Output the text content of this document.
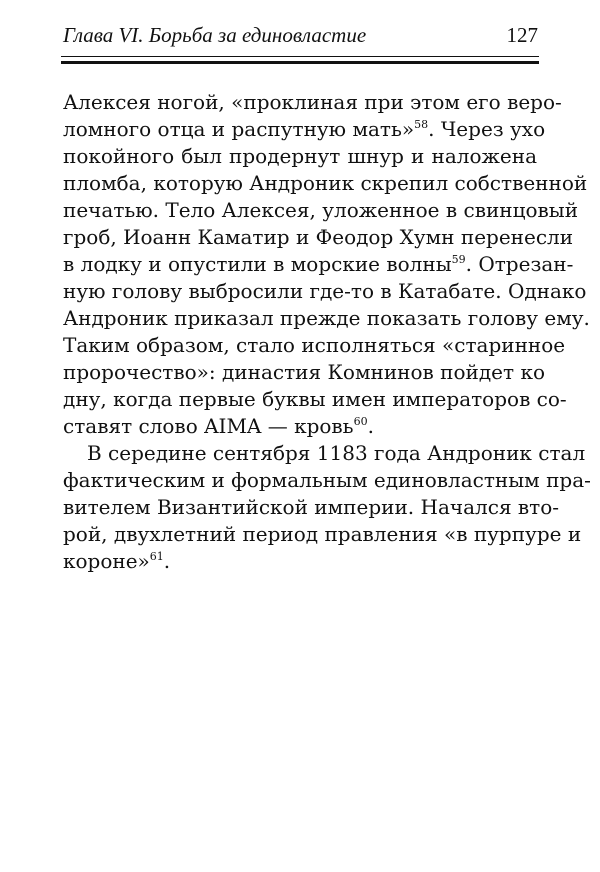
Глава VI. Борьба за единовластие	127
Алексея ногой, «проклиная при этом его веро-
ломного отца и распутную мать»$^{58}$. Через ухо
покойного был продернут шнур и наложена
пломба, которую Андроник скрепил собственной
печатью. Тело Алексея, уложенное в свинцовый
гроб, Иоанн Каматир и Феодор Хумн перенесли
в лодку и опустили в морские волны$^{59}$. Отрезан-
ную голову выбросили где-то в Катабате. Однако
Андроник приказал прежде показать голову ему.
Таким образом, стало исполняться «старинное
пророчество»: династия Комнинов пойдет ко
дну, когда первые буквы имен императоров со-
ставят слово AIMA — кровь$^{60}$.
В середине сентября 1183 года Андроник стал
фактическим и формальным единовластным пра-
вителем Византийской империи. Начался вто-
рой, двухлетний период правления «в пурпуре и
короне»$^{61}$.
